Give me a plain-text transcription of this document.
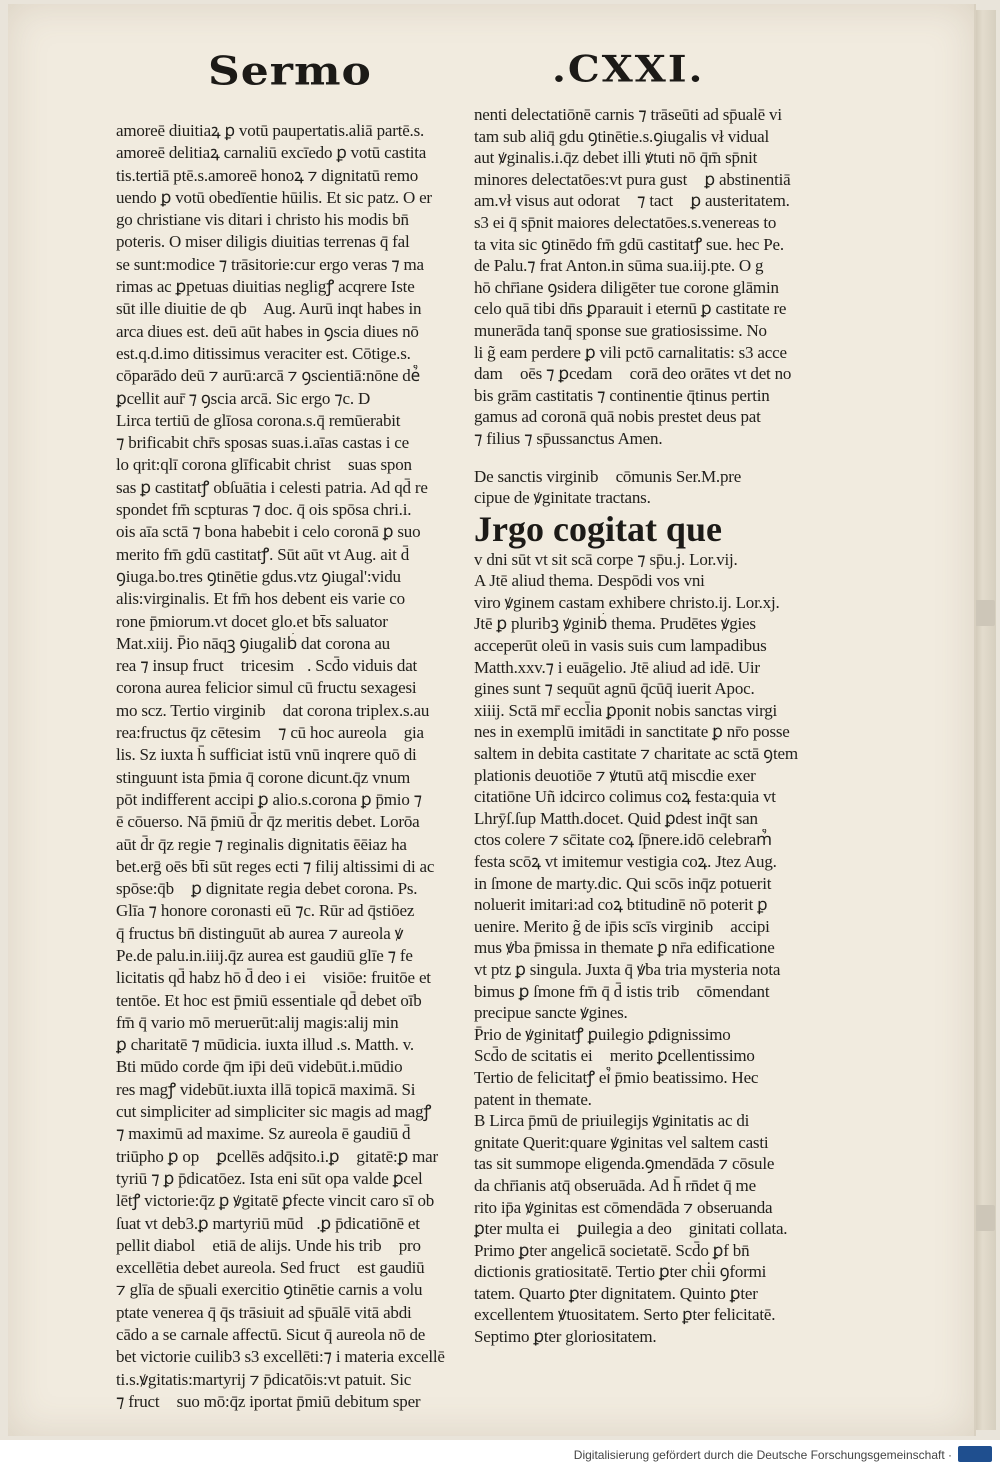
Sermo	.CXXI.
amoreē diuitiaꝝ ꝑ votū paupertatis.aliā partē.s.
amoreē delitiaꝝ carnaliū excīedo ꝑ votū castita
tis.tertiā ptē.s.amoreē honoꝝ ⁊ dignitatū remo
uendo ꝑ votū obedīentie hūilis. Et sic patz. O er
go christiane vis ditari i christo his modis bn̄
poteris. O miser diligis diuitias terrenas q̄ fal
se sunt:modice ⁊ trāsitorie:cur ergo veras ⁊ ma
rimas ac ꝑpetuas diuitias negligꝭ acqrere Iste
sūt ille diuitie de qb᷒ Aug. Aurū inqt habes in
arca diues est. deū aūt habes in ꝯscia diues nō
est.q.d.imo ditissimus veraciter est. Cōtige.s.
cōparādo deū ⁊ aurū:arcā ⁊ ꝯscientiā:nōne de᷒
ꝑcellit aur̄ ⁊ ꝯscia arcā. Sic ergo ⁊c. D
Lirca tertiū de glīosa corona.s.q̄ remūerabit
⁊ brificabit chr̄s sposas suas.i.aīas castas i ce
lo qrit:qlī corona glīficabit christ᷒ suas spon
sas ꝑ castitatꝭ obſuātia i celesti patria. Ad qd̄ re
spondet fm̄ scpturas ⁊ doc. q̄ ois spōsa chri.i.
ois aīa sctā ⁊ bona habebit i celo coronā ꝑ suo
merito fm̄ gdū castitatꝭ. Sūt aūt vt Aug. ait d̄
ꝯiuga.bo.tres ꝯtinētie gdus.vtz ꝯiugal':vidu
alis:virginalis. Et fm̄ hos debent eis varie co
rone p̄miorum.vt docet glo.et bt̄s saluator᷒
Mat.xiij. P̄io nāqꝫ ꝯiugalib᷒ dat corona au
rea ⁊ insup fruct᷒ tricesim᷒. Scd̄o viduis dat
corona aurea felicior simul cū fructu sexagesi
mo scz. Tertio virginib᷒ dat corona triplex.s.au
rea:fructus q̄z cētesim᷒ ⁊ cū hoc aureola ꝟgia
lis. Sz iuxta h̄ sufficiat istū vnū inqrere quō di
stinguunt ista p̄mia q̄ corone dicunt.q̄z vnum
pōt indifferent accipi ꝑ alio.s.corona ꝑ p̄mio ⁊
ē cōuerso. Nā p̄miū d̄r q̄z meritis debet. Lorōa
aūt d̄r q̄z regie ⁊ reginalis dignitatis ēēiaz ha
bet.erḡ oēs bt̄i sūt reges ecti ⁊ filij altissimi di ac
spōse:q̄b᷒ ꝑ dignitate regia debet corona. Ps.
Glīa ⁊ honore coronasti eū ⁊c. Rūr ad q̄stiōez
q̄ fructus bn̄ distinguūt ab aurea ⁊ aureola ꝟ
Pe.de palu.in.iiij.q̄z aurea est gaudiū glīe ⁊ fe
licitatis qd̄ habz hō d̄ deo i ei᷒ visiōe: fruitōe et
tentōe. Et hoc est p̄miū essentiale qd̄ debet oīb᷒
fm̄ q̄ vario mō meruerūt:alij magis:alij min᷒
ꝑ charitatē ⁊ mūdicia. iuxta illud .s. Matth. v.
Bti mūdo corde q̄m ip̄i deū videbūt.i.mūdio
res magꝭ videbūt.iuxta illā topicā maximā. Si
cut simpliciter ad simpliciter sic magis ad magꝭ
⁊ maximū ad maxime. Sz aureola ē gaudiū d̄
triūpho ꝑ op᷒ ꝑcellēs adq̄sito.i.ꝑ ꝟgitatē:ꝑ mar
tyriū ⁊ ꝑ p̄dicatōez. Ista eni sūt opa valde ꝑcel
lētꝭ victorie:q̄z ꝑ ꝟgitatē ꝑfecte vincit caro sī ob
ſuat vt deb3.ꝑ martyriū mūd᷒.ꝑ p̄dicatiōnē et
pellit diabol᷒ etiā de alijs. Unde his trib᷒ pro
excellētia debet aureola. Sed fruct᷒ est gaudiū
⁊ glīa de sp̄uali exercitio ꝯtinētie carnis a volu
ptate venerea q̄ q̄s trāsiuit ad sp̄uālē vitā abdi
cādo a se carnale affectū. Sicut q̄ aureola nō de
bet victorie cuilib3 s3 excellēti:⁊ i materia excellē
ti.s.ꝟgitatis:martyrij ⁊ p̄dicatōis:vt patuit. Sic
⁊ fruct᷒ suo mō:q̄z iportat p̄miū debitum sper
nenti delectatiōnē carnis ⁊ trāseūti ad sp̄ualē vi
tam sub aliq̄ gdu ꝯtinētie.s.ꝯiugalis vł vidual
aut ꝟginalis.i.q̄z debet illi ꝟtuti nō q̄m̄ sp̄nit
minores delectatōes:vt pura gust᷒ ꝑ abstinentiā
am.vł visus aut odorat᷒ ⁊ tact᷒ ꝑ austeritatem.
s3 ei q̄ sp̄nit maiores delectatōes.s.venereas to
ta vita sic ꝯtinēdo fm̄ gdū castitatꝭ sue. hec Pe.
de Palu.⁊ frat Anton.in sūma sua.iij.pte. O g
hō chr̄iane ꝯsidera diligēter tue corone glāmin
celo quā tibi dn̄s ꝑparauit i eternū ꝑ castitate re
munerāda tanq̄ sponse sue gratiosissime. No
li g̃ eam perdere ꝑ vili pctō carnalitatis: s3 acce
dam᷒ oēs ⁊ ꝑcedam᷒ corā deo orātes vt det no
bis grām castitatis ⁊ continentie q̄tinus pertin
gamus ad coronā quā nobis prestet deus pat
⁊ filius ⁊ sp̄ussanctus Amen.
De sanctis virginib᷒ cōmunis Ser.M.pre
cipue de ꝟginitate tractans.
Jrgo cogitat que
v dni sūt vt sit scā corpe ⁊ sp̄u.j. Lor.vij.
A Jtē aliud thema. Despōdi vos vni
viro ꝟginem castam exhibere christo.ij. Lor.xj.
Jtē ꝑ pluribꝫ ꝟginib᷒ thema. Prudētes ꝟgies
acceperūt oleū in vasis suis cum lampadibus
Matth.xxv.⁊ i euāgelio. Jtē aliud ad idē. Uir
gines sunt ⁊ sequūt agnū q̄cūq̄ iuerit Apoc.
xiiij. Sctā mr̄ eccl̄ia ꝑponit nobis sanctas virgi
nes in exemplū imitādi in sanctitate ꝑ nr̄o posse
saltem in debita castitate ⁊ charitate ac sctā ꝯtem
plationis deuotiōe ⁊ ꝟtutū atq̄ miscdie exer
citatiōne Uñ idcirco colimus coꝝ festa:quia vt
Lhrȳſ.ſup Matth.docet. Quid ꝑdest inq̄t san
ctos colere ⁊ sc̄itate coꝝ ſp̄nere.idō celebram᷒
festa scōꝝ vt imitemur vestigia coꝝ. Jtez Aug.
in ſmone de marty.dic. Qui scōs inq̄z potuerit
noluerit imitari:ad coꝝ btitudinē nō poterit ꝑ
uenire. Merito g̃ de ip̄is scīs virginib᷒ accipi
mus ꝟba p̄missa in themate ꝑ nr̄a edificatione
vt ptz ꝑ singula. Juxta q̄ ꝟba tria mysteria nota
bimus ꝑ ſmone fm̄ q̄ d̄ istis trib᷒ cōmendant
precipue sancte ꝟgines.
P̄rio de ꝟginitatꝭ ꝑuilegio ꝑdignissimo
Scd̄o de scitatis ei᷒ merito ꝑcellentissimo
Tertio de felicitatꝭ ei᷒ p̄mio beatissimo. Hec
patent in themate.
B Lirca p̄mū de priuilegijs ꝟginitatis ac di
gnitate Querit:quare ꝟginitas vel saltem casti
tas sit summope eligenda.ꝯmendāda ⁊ cōsule
da chr̄ianis atq̄ obseruāda. Ad h̄ rn̄det q̄ me
rito ip̄a ꝟginitas est cōmendāda ⁊ obseruanda
ꝑter multa ei᷒ ꝑuilegia a deo ꝟginitati collata.
Primo ꝑter angelicā societatē. Scd̄o ꝑf bn̄
dictionis gratiositatē. Tertio ꝑter chi̇i ꝯformi
tatem. Quarto ꝑter dignitatem. Quinto ꝑter
excellentem ꝟtuositatem. Serto ꝑter felicitatē.
Septimo ꝑter gloriositatem.
Digitalisierung gefördert durch die Deutsche Forschungsgemeinschaft ·
